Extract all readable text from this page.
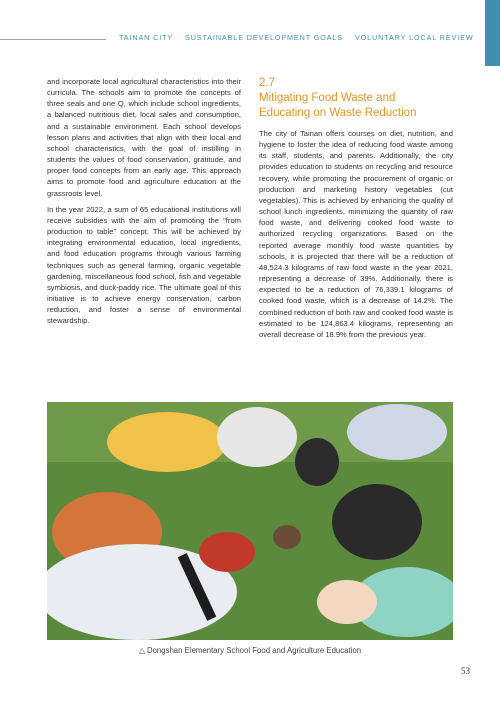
TAINAN CITY SUSTAINABLE DEVELOPMENT GOALS VOLUNTARY LOCAL REVIEW

and incorporate local agricultural characteristics into their curricula. The schools aim to promote the concepts of three seals and one Q, which include school ingredients, a balanced nutritious diet, local sales and consumption, and a sustainable environment. Each school develops lesson plans and activities that align with their local and school characteristics, with the goal of instilling in students the values of food conservation, gratitude, and proper food concepts from an early age. This approach aims to promote food and agriculture education at the grassroots level.

In the year 2022, a sum of 65 educational institutions will receive subsidies with the aim of promoting the "from production to table" concept. This will be achieved by integrating environmental education, local ingredients, and food education programs through various farming techniques such as general farming, organic vegetable gardening, miscellaneous food school, fish and vegetable symbiosis, and duck-paddy rice. The ultimate goal of this initiative is to achieve energy conservation, carbon reduction, and foster a sense of environmental stewardship.

2.7
Mitigating Food Waste and
Educating on Waste Reduction

The city of Tainan offers courses on diet, nutrition, and hygiene to foster the idea of reducing food waste among its staff, students, and parents. Additionally, the city provides education to students on recycling and resource recovery, while promoting the procurement of organic or production and marketing history vegetables (cut vegetables). This is achieved by enhancing the quality of school lunch ingredients, minimizing the quantity of raw food waste, and delivering cooked food waste to authorized recycling organizations. Based on the reported average monthly food waste quantities by schools, it is projected that there will be a reduction of 48,524.3 kilograms of raw food waste in the year 2021, representing a decrease of 39%. Additionally, there is expected to be a reduction of 76,339.1 kilograms of cooked food waste, which is a decrease of 14.2%. The combined reduction of both raw and cooked food waste is estimated to be 124,863.4 kilograms, representing an overall decrease of 18.9% from the previous year.

△ Dongshan Elementary School Food and Agriculture Education
53
